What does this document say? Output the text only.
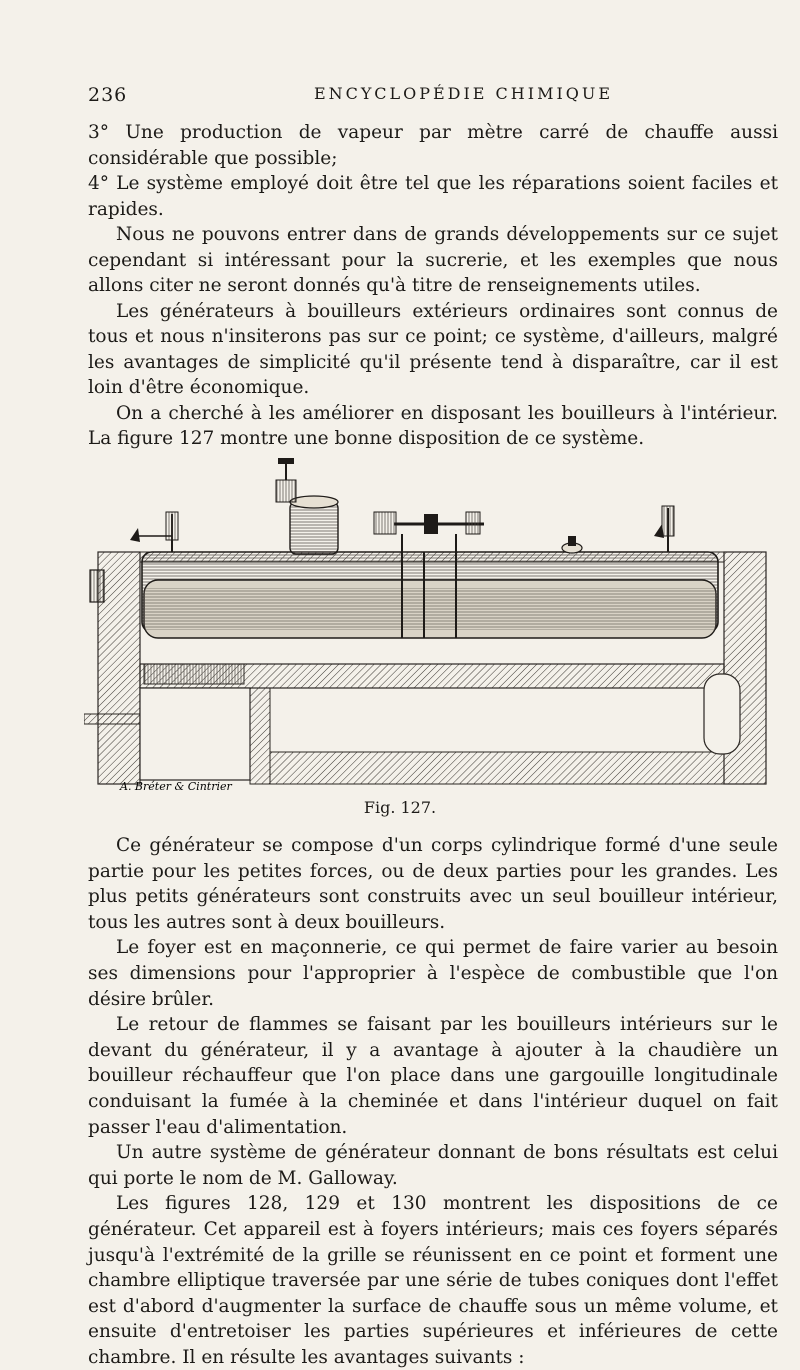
236	ENCYCLOPÉDIE CHIMIQUE

3° Une production de vapeur par mètre carré de chauffe aussi considérable que possible;

4° Le système employé doit être tel que les réparations soient faciles et rapides.

Nous ne pouvons entrer dans de grands développements sur ce sujet cependant si intéressant pour la sucrerie, et les exemples que nous allons citer ne seront donnés qu'à titre de renseignements utiles.

Les générateurs à bouilleurs extérieurs ordinaires sont connus de tous et nous n'insiterons pas sur ce point; ce système, d'ailleurs, malgré les avantages de simplicité qu'il présente tend à disparaître, car il est loin d'être économique.

On a cherché à les améliorer en disposant les bouilleurs à l'intérieur. La figure 127 montre une bonne disposition de ce système.

A. Bréter & Cintrier
Fig. 127.

Ce générateur se compose d'un corps cylindrique formé d'une seule partie pour les petites forces, ou de deux parties pour les grandes. Les plus petits générateurs sont construits avec un seul bouilleur intérieur, tous les autres sont à deux bouilleurs.

Le foyer est en maçonnerie, ce qui permet de faire varier au besoin ses dimensions pour l'approprier à l'espèce de combustible que l'on désire brûler.

Le retour de flammes se faisant par les bouilleurs intérieurs sur le devant du générateur, il y a avantage à ajouter à la chaudière un bouilleur réchauffeur que l'on place dans une gargouille longitudinale conduisant la fumée à la cheminée et dans l'intérieur duquel on fait passer l'eau d'alimentation.

Un autre système de générateur donnant de bons résultats est celui qui porte le nom de M. Galloway.

Les figures 128, 129 et 130 montrent les dispositions de ce générateur. Cet appareil est à foyers intérieurs; mais ces foyers séparés jusqu'à l'extrémité de la grille se réunissent en ce point et forment une chambre elliptique traversée par une série de tubes coniques dont l'effet est d'abord d'augmenter la surface de chauffe sous un même volume, et ensuite d'entretoiser les parties supérieures et inférieures de cette chambre. Il en résulte les avantages suivants :
